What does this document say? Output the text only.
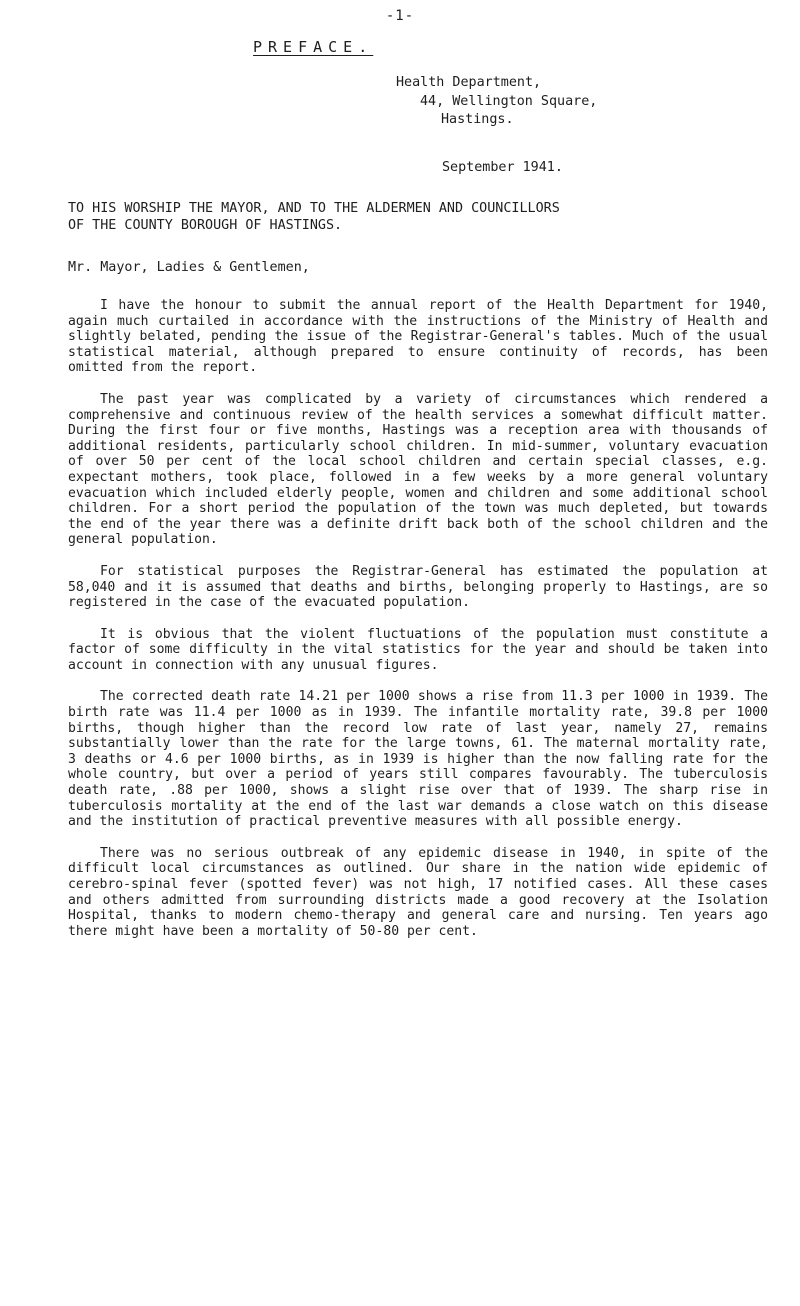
-1-
PREFACE.
Health Department,
44, Wellington Square,
Hastings.
September 1941.
TO HIS WORSHIP THE MAYOR, AND TO THE ALDERMEN AND COUNCILLORS
OF THE COUNTY BOROUGH OF HASTINGS.
Mr. Mayor, Ladies & Gentlemen,

I have the honour to submit the annual report of the Health Department for 1940, again much curtailed in accordance with the instructions of the Ministry of Health and slightly belated, pending the issue of the Registrar-General's tables. Much of the usual statistical material, although prepared to ensure continuity of records, has been omitted from the report.

The past year was complicated by a variety of circumstances which rendered a comprehensive and continuous review of the health services a somewhat difficult matter. During the first four or five months, Hastings was a reception area with thousands of additional residents, particularly school children. In mid-summer, voluntary evacuation of over 50 per cent of the local school children and certain special classes, e.g. expectant mothers, took place, followed in a few weeks by a more general voluntary evacuation which included elderly people, women and children and some additional school children. For a short period the population of the town was much depleted, but towards the end of the year there was a definite drift back both of the school children and the general population.

For statistical purposes the Registrar-General has estimated the population at 58,040 and it is assumed that deaths and births, belonging properly to Hastings, are so registered in the case of the evacuated population.

It is obvious that the violent fluctuations of the population must constitute a factor of some difficulty in the vital statistics for the year and should be taken into account in connection with any unusual figures.

The corrected death rate 14.21 per 1000 shows a rise from 11.3 per 1000 in 1939. The birth rate was 11.4 per 1000 as in 1939. The infantile mortality rate, 39.8 per 1000 births, though higher than the record low rate of last year, namely 27, remains substantially lower than the rate for the large towns, 61. The maternal mortality rate, 3 deaths or 4.6 per 1000 births, as in 1939 is higher than the now falling rate for the whole country, but over a period of years still compares favourably. The tuberculosis death rate, .88 per 1000, shows a slight rise over that of 1939. The sharp rise in tuberculosis mortality at the end of the last war demands a close watch on this disease and the institution of practical preventive measures with all possible energy.

There was no serious outbreak of any epidemic disease in 1940, in spite of the difficult local circumstances as outlined. Our share in the nation wide epidemic of cerebro-spinal fever (spotted fever) was not high, 17 notified cases. All these cases and others admitted from surrounding districts made a good recovery at the Isolation Hospital, thanks to modern chemo-therapy and general care and nursing. Ten years ago there might have been a mortality of 50-80 per cent.
